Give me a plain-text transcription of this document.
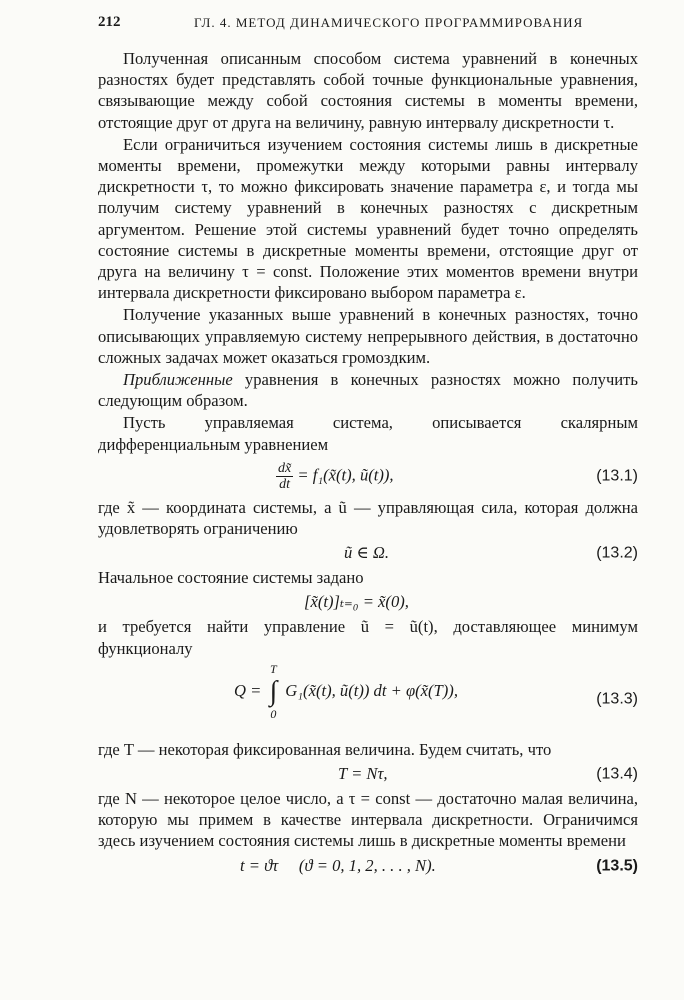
212	ГЛ. 4. МЕТОД ДИНАМИЧЕСКОГО ПРОГРАММИРОВАНИЯ

Полученная описанным способом система уравнений в конечных разностях будет представлять собой точные функциональные уравнения, связывающие между собой состояния системы в моменты времени, отстоящие друг от друга на величину, равную интервалу дискретности τ.

Если ограничиться изучением состояния системы лишь в дискретные моменты времени, промежутки между которыми равны интервалу дискретности τ, то можно фиксировать значение параметра ε, и тогда мы получим систему уравнений в конечных разностях с дискретным аргументом. Решение этой системы уравнений будет точно определять состояние системы в дискретные моменты времени, отстоящие друг от друга на величину τ = const. Положение этих моментов времени внутри интервала дискретности фиксировано выбором параметра ε.

Получение указанных выше уравнений в конечных разностях, точно описывающих управляемую систему непрерывного действия, в достаточно сложных задачах может оказаться громоздким.

Приближенные уравнения в конечных разностях можно получить следующим образом.

Пусть управляемая система, описывается скалярным дифференциальным уравнением

$\frac{dx̃}{dt}$ = f₁(x̃(t), ũ(t)),	(13.1)

где x̃ — координата системы, а ũ — управляющая сила, которая должна удовлетворять ограничению

ũ ∈ Ω.	(13.2)

Начальное состояние системы задано

[x̃(t)]ₜ₌₀ = x̃(0),

и требуется найти управление ũ = ũ(t), доставляющее минимум функционалу

Q =
T
∫
0
G₁(x̃(t), ũ(t)) dt + φ(x̃(T)),	(13.3)

где T — некоторая фиксированная величина. Будем считать, что

T = Nτ,	(13.4)

где N — некоторое целое число, а τ = const — достаточно малая величина, которую мы примем в качестве интервала дискретности. Ограничимся здесь изучением состояния системы лишь в дискретные моменты времени

t = ϑτ     (ϑ = 0, 1, 2, . . . , N).	(13.5)
